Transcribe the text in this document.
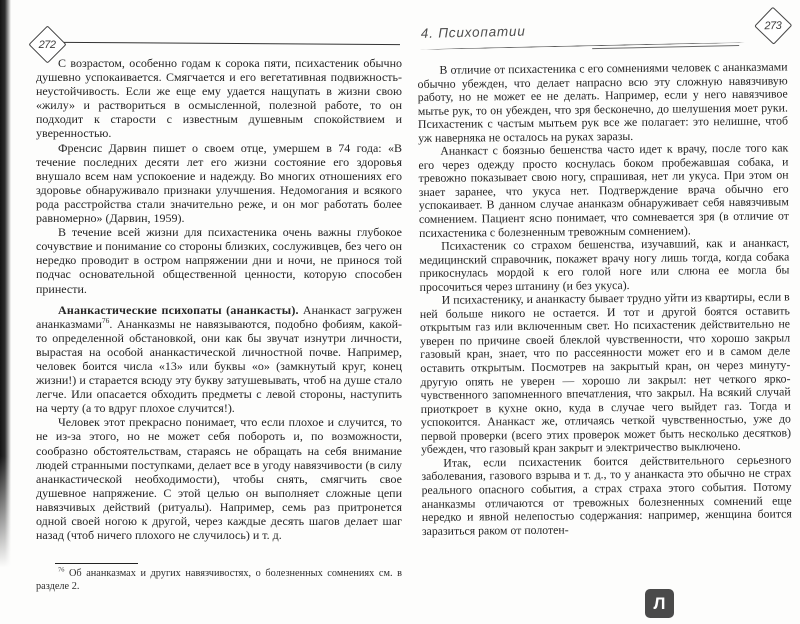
272

С возрастом, особенно годам к сорока пяти, психастеник обычно душевно успокаивается. Смягчается и его вегетативная подвижность-неустойчивость. Если же еще ему удается нащупать в жизни свою «жилу» и раствориться в осмысленной, полезной работе, то он подходит к старости с известным душевным спокойствием и уверенностью.

Френсис Дарвин пишет о своем отце, умершем в 74 года: «В течение последних десяти лет его жизни состояние его здоровья внушало всем нам успокоение и надежду. Во многих отношениях его здоровье обнаруживало признаки улучшения. Недомогания и всякого рода расстройства стали значительно реже, и он мог работать более равномерно» (Дарвин, 1959).

В течение всей жизни для психастеника очень важны глубокое сочувствие и понимание со стороны близких, сослуживцев, без чего он нередко проводит в остром напряжении дни и ночи, не принося той подчас основательной общественной ценности, которую способен принести.

Ананкастические психопаты (ананкасты). Ананкаст загружен ананказмами$^{76}$. Ананказмы не навязываются, подобно фобиям, какой-то определенной обстановкой, они как бы звучат изнутри личности, вырастая на особой ананкастической личностной почве. Например, человек боится числа «13» или буквы «о» (замкнутый круг, конец жизни!) и старается всюду эту букву затушевывать, чтоб на душе стало легче. Или опасается обходить предметы с левой стороны, наступить на черту (а то вдруг плохое случится!).

Человек этот прекрасно понимает, что если плохое и случится, то не из-за этого, но не может себя побороть и, по возможности, сообразно обстоятельствам, стараясь не обращать на себя внимание людей странными поступками, делает все в угоду навязчивости (в силу ананкастической необходимости), чтобы снять, смягчить свое душевное напряжение. С этой целью он выполняет сложные цепи навязчивых действий (ритуалы). Например, семь раз притронется одной своей ногою к другой, через каждые десять шагов делает шаг назад (чтоб ничего плохого не случилось) и т. д.

$^{76}$ Об ананказмах и других навязчивостях, о болезненных сомнениях см. в разделе 2.
4. Психопатии	273

В отличие от психастеника с его сомнениями человек с ананказмами обычно убежден, что делает напрасно всю эту сложную навязчивую работу, но не может ее не делать. Например, если у него навязчивое мытье рук, то он убежден, что зря бесконечно, до шелушения моет руки. Психастеник с частым мытьем рук все же полагает: это нелишне, чтоб уж наверняка не осталось на руках заразы.

Ананкаст с боязнью бешенства часто идет к врачу, после того как его через одежду просто коснулась боком пробежавшая собака, и тревожно показывает свою ногу, спрашивая, нет ли укуса. При этом он знает заранее, что укуса нет. Подтверждение врача обычно его успокаивает. В данном случае ананказм обнаруживает себя навязчивым сомнением. Пациент ясно понимает, что сомневается зря (в отличие от психастеника с болезненным тревожным сомнением).

Психастеник со страхом бешенства, изучавший, как и ананкаст, медицинский справочник, покажет врачу ногу лишь тогда, когда собака прикоснулась мордой к его голой ноге или слюна ее могла бы просочиться через штанину (и без укуса).

И психастенику, и ананкасту бывает трудно уйти из квартиры, если в ней больше никого не остается. И тот и другой боятся оставить открытым газ или включенным свет. Но психастеник действительно не уверен по причине своей блеклой чувственности, что хорошо закрыл газовый кран, знает, что по рассеянности может его и в самом деле оставить открытым. Посмотрев на закрытый кран, он через минуту-другую опять не уверен — хорошо ли закрыл: нет четкого ярко-чувственного запомненного впечатления, что закрыл. На всякий случай приоткроет в кухне окно, куда в случае чего выйдет газ. Тогда и успокоится. Ананкаст же, отличаясь четкой чувственностью, уже до первой проверки (всего этих проверок может быть несколько десятков) убежден, что газовый кран закрыт и электричество выключено.

Итак, если психастеник боится действительного серьезного заболевания, газового взрыва и т. д., то у ананкаста это обычно не страх реального опасного события, а страх страха этого события. Потому ананказмы отличаются от тревожных болезненных сомнений еще нередко и явной нелепостью содержания: например, женщина боится заразиться раком от полотен-

Л
